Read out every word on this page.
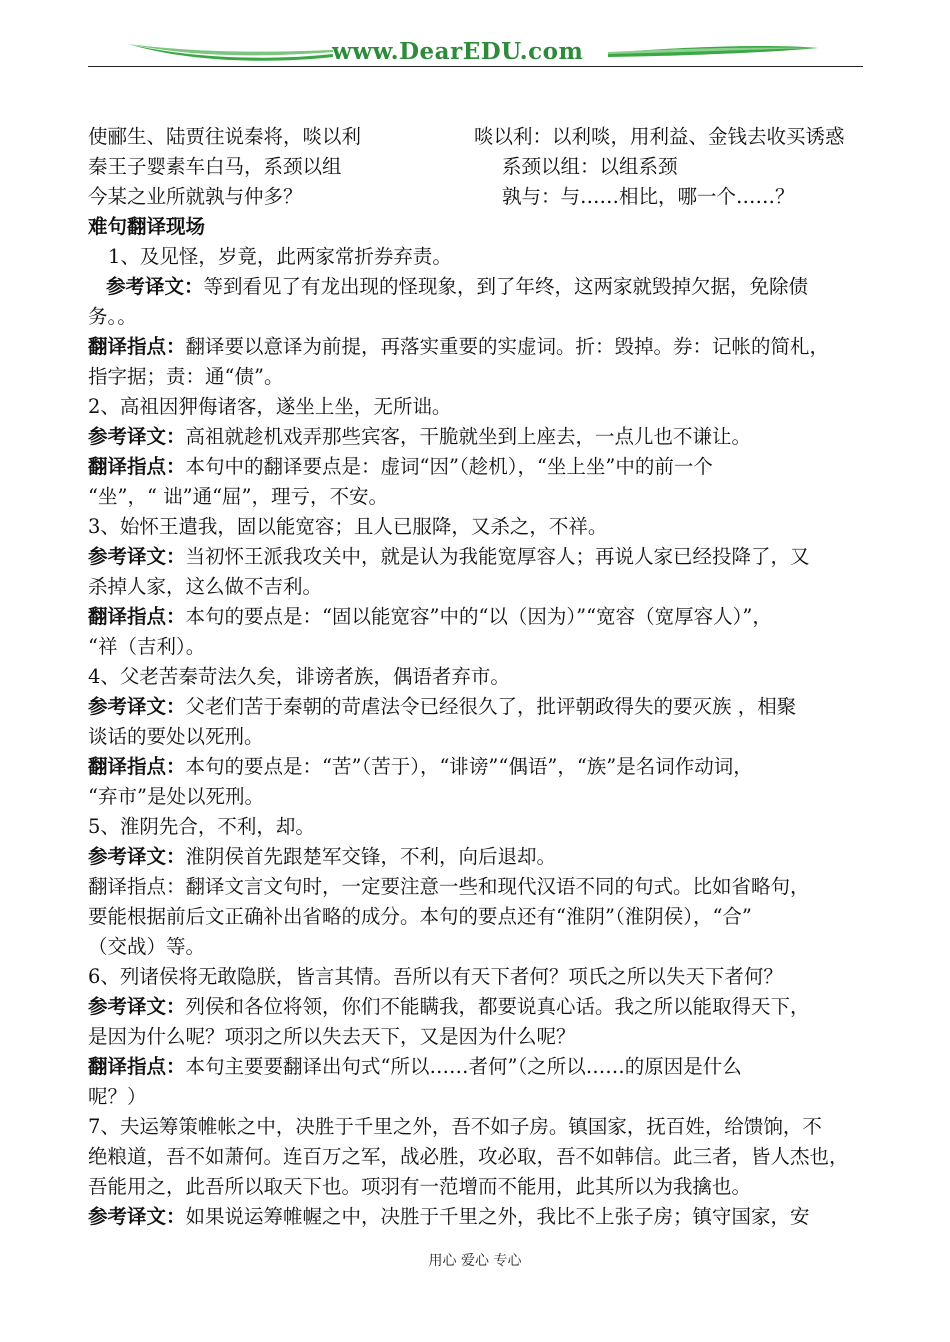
www.DearEDU.com
使郦生、陆贾往说秦将，啖以利	啖以利：以利啖，用利益、金钱去收买诱惑
秦王子婴素车白马，系颈以组	系颈以组：以组系颈
今某之业所就孰与仲多？	孰与：与……相比，哪一个……？
难句翻译现场
1、及见怪，岁竟，此两家常折券弃责。
参考译文：等到看见了有龙出现的怪现象，到了年终，这两家就毁掉欠据，免除债
务。。
翻译指点：翻译要以意译为前提，再落实重要的实虚词。折：毁掉。券：记帐的简札，
指字据；责：通“债”。
2、高祖因狎侮诸客，遂坐上坐，无所诎。
参考译文：高祖就趁机戏弄那些宾客，干脆就坐到上座去，一点儿也不谦让。
翻译指点：本句中的翻译要点是：虚词“因”（趁机），“坐上坐”中的前一个
“坐”，“ 诎”通“屈”，理亏，不安。
3、始怀王遣我，固以能宽容；且人已服降，又杀之，不祥。
参考译文：当初怀王派我攻关中，就是认为我能宽厚容人；再说人家已经投降了，又
杀掉人家，这么做不吉利。
翻译指点：本句的要点是：“固以能宽容”中的“以（因为）”“宽容（宽厚容人）”，
“祥（吉利）。
4、父老苦秦苛法久矣，诽谤者族，偶语者弃市。
参考译文：父老们苦于秦朝的苛虐法令已经很久了，批评朝政得失的要灭族 ，相聚
谈话的要处以死刑。
翻译指点：本句的要点是：“苦”（苦于），“诽谤”“偶语”，“族”是名词作动词，
“弃市”是处以死刑。
5、淮阴先合，不利，却。
参考译文：淮阴侯首先跟楚军交锋，不利，向后退却。
翻译指点：翻译文言文句时，一定要注意一些和现代汉语不同的句式。比如省略句，
要能根据前后文正确补出省略的成分。本句的要点还有“淮阴”（淮阴侯），“合”
（交战）等。
6、列诸侯将无敢隐朕，皆言其情。吾所以有天下者何？项氏之所以失天下者何？
参考译文：列侯和各位将领，你们不能瞒我，都要说真心话。我之所以能取得天下，
是因为什么呢？项羽之所以失去天下，又是因为什么呢？
翻译指点：本句主要要翻译出句式“所以……者何”（之所以……的原因是什么
呢？）
7、夫运筹策帷帐之中，决胜于千里之外，吾不如子房。镇国家，抚百姓，给馈饷，不
绝粮道，吾不如萧何。连百万之军，战必胜，攻必取，吾不如韩信。此三者，皆人杰也，
吾能用之，此吾所以取天下也。项羽有一范增而不能用，此其所以为我擒也。
参考译文：如果说运筹帷幄之中，决胜于千里之外，我比不上张子房；镇守国家，安
用心 爱心 专心
